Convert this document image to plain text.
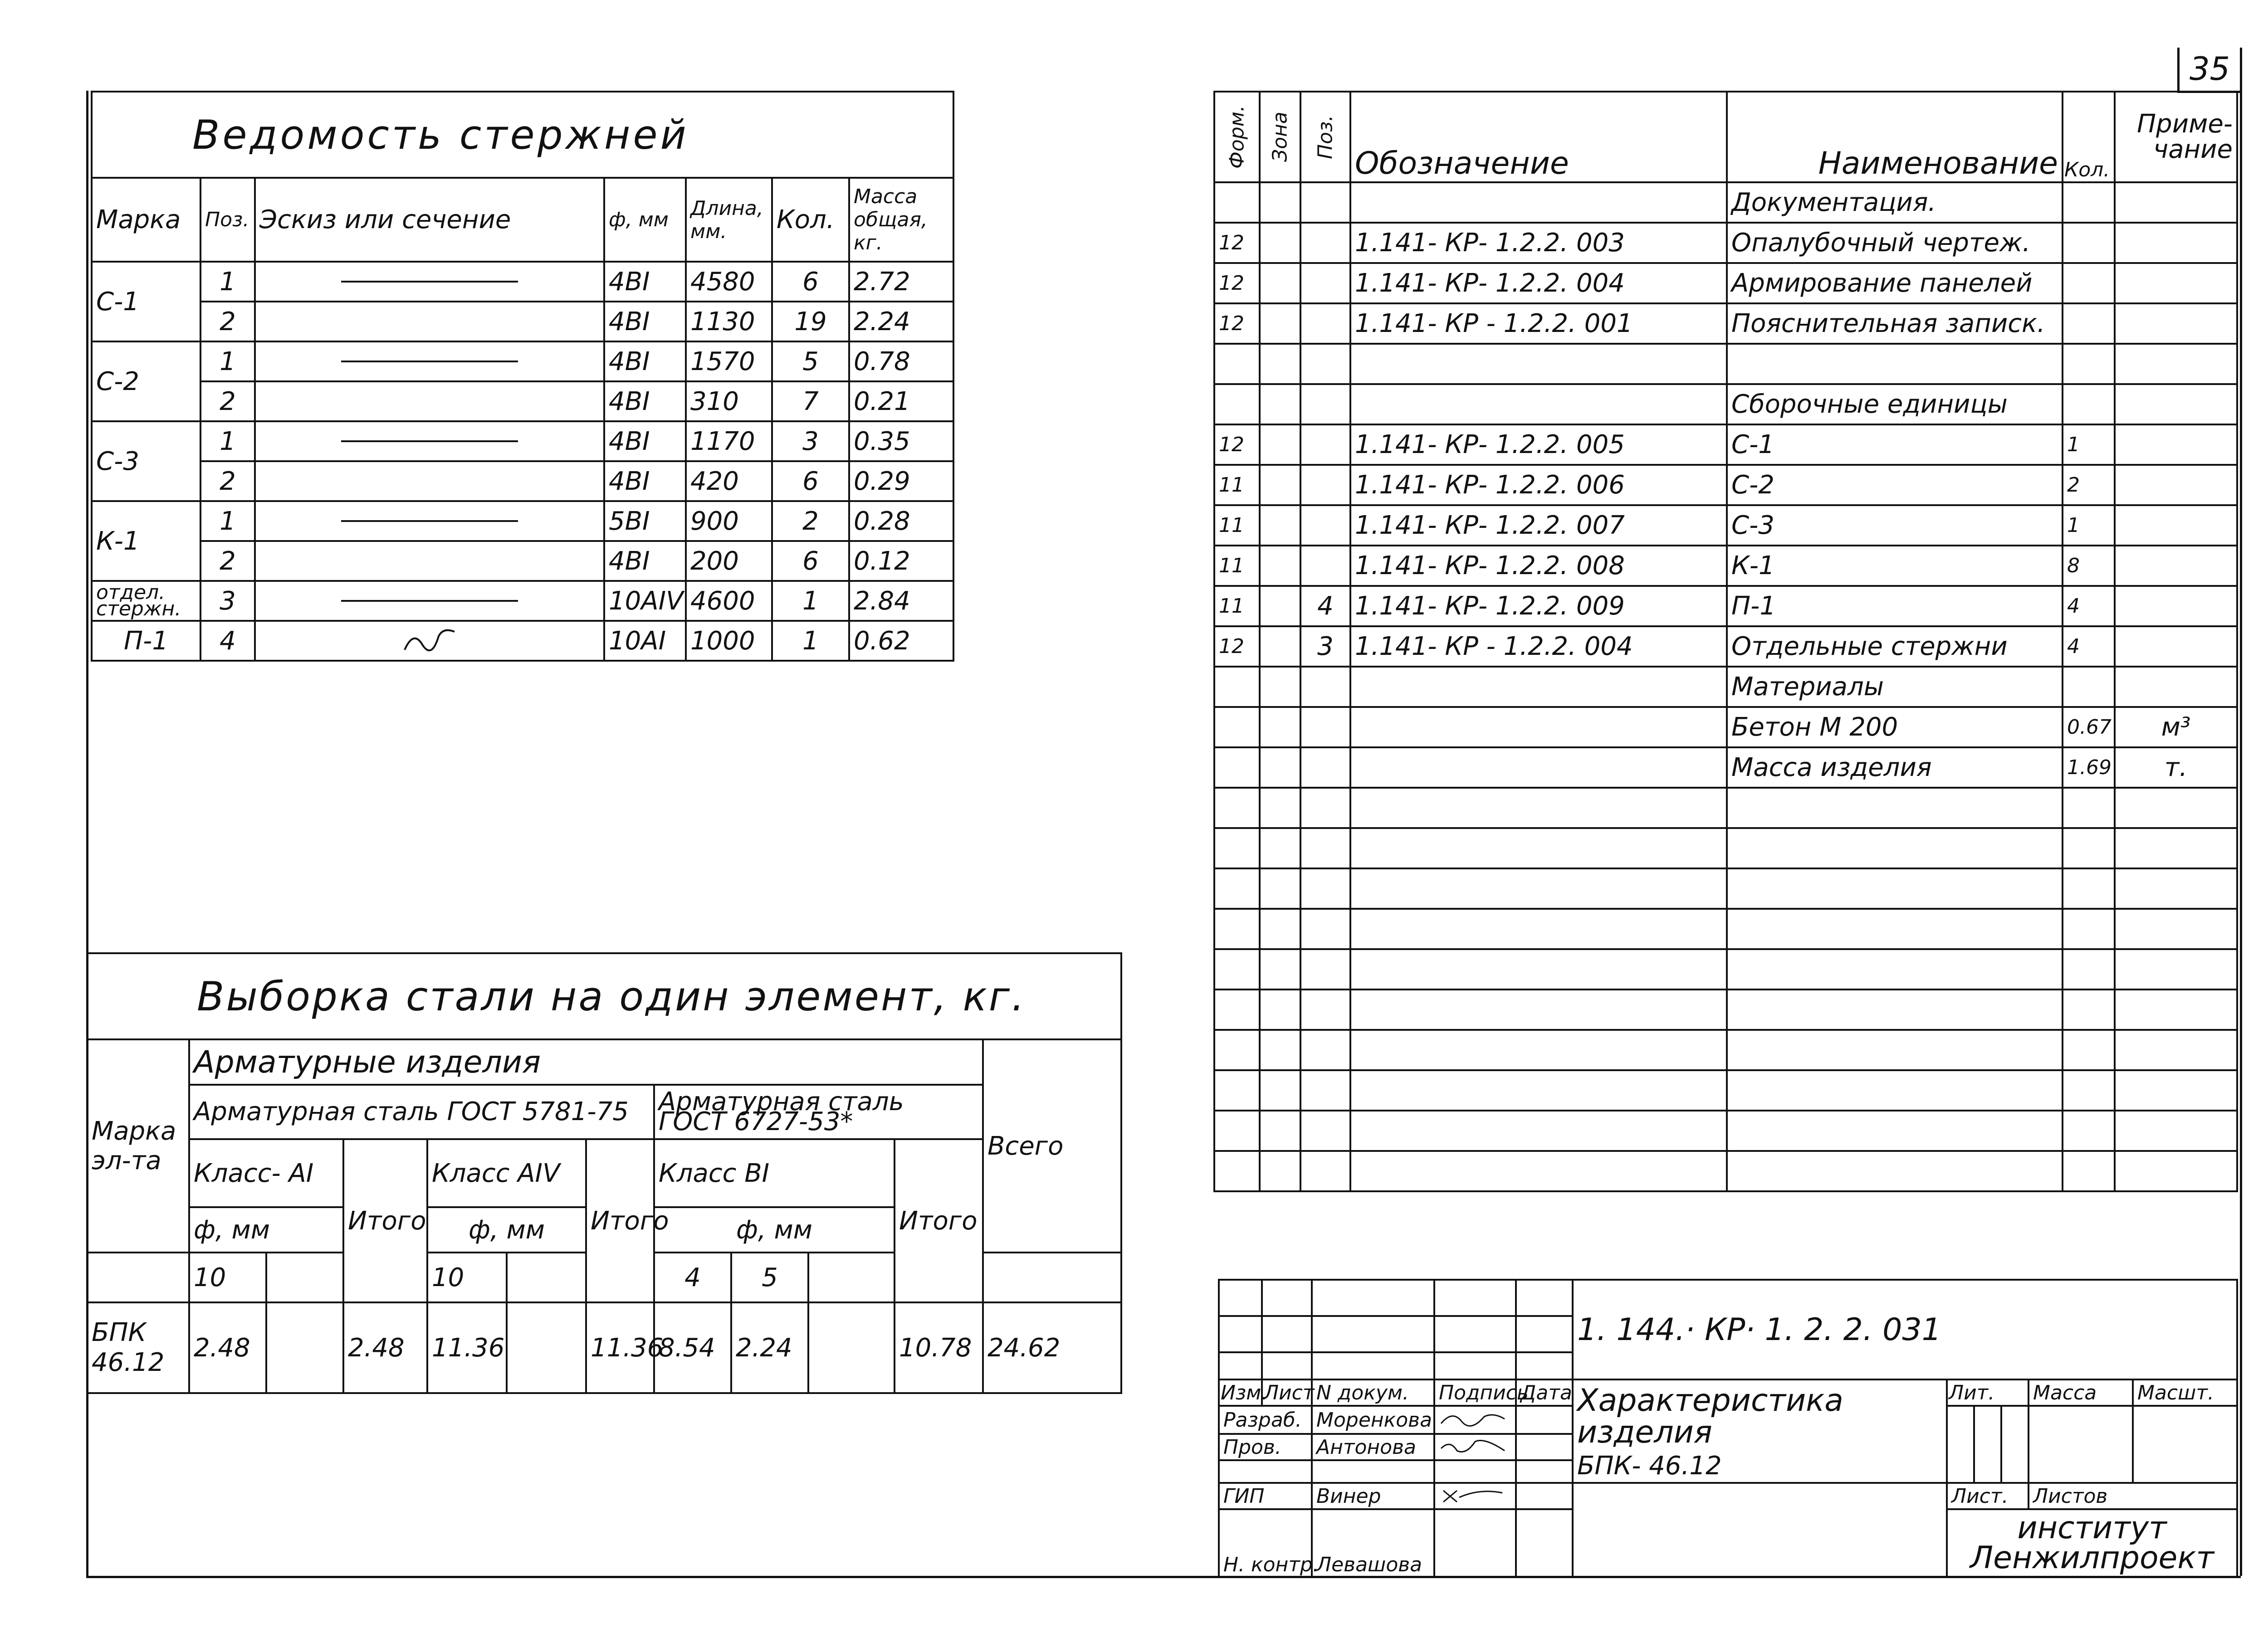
35
Ведомость стержней						
Марка	Поз.	Эскиз или сечение	ф, мм	Длина, мм.	Кол.	Масса общая, кг.
С-1	1		4ВI	4580	6	2.72
	2		4ВI	1130	19	2.24
С-2	1		4ВI	1570	5	0.78
	2		4ВI	310	7	0.21
С-3	1		4ВI	1170	3	0.35
	2		4ВI	420	6	0.29
К-1	1		5ВI	900	2	0.28
	2		4ВI	200	6	0.12
отдел. стержн.	3		10АIV	4600	1	2.84
П-1	4		10АI	1000	1	0.62
Выборка стали на один элемент, кг.											
Марка эл-та	Арматурные изделия										Всего
	Арматурная сталь ГОСТ 5781-75						Арматурная сталь ГОСТ 6727-53*				
	Класс- АI		Итого	Класс АIV		Итого	Класс ВI			Итого	
	ф, мм			ф, мм			ф, мм				
	10			10			4	5			
БПК 46.12	2.48		2.48	11.36		11.36	8.54	2.24		10.78	24.62
Форм.	Зона	Поз.	Обозначение	Наименование	Кол.	Приме- чание
				Документация.		
12			1.141- КР- 1.2.2. 003	Опалубочный чертеж.		
12			1.141- КР- 1.2.2. 004	Армирование панелей		
12			1.141- КР - 1.2.2. 001	Пояснительная записк.		

				Сборочные единицы		
12			1.141- КР- 1.2.2. 005	С-1	1	
11			1.141- КР- 1.2.2. 006	С-2	2	
11			1.141- КР- 1.2.2. 007	С-3	1	
11			1.141- КР- 1.2.2. 008	К-1	8	
11		4	1.141- КР- 1.2.2. 009	П-1	4	
12		3	1.141- КР - 1.2.2. 004	Отдельные стержни	4	
				Материалы		
				Бетон М 200	0.67	м³
				Масса изделия	1.69	т.

					1. 144.· КР· 1. 2. 2. 031					

Изм.	Лист	N докум.	Подпись	Дата	Характеристика изделия
БПК- 46.12	Лит.			Масса	Масшт.
Разраб.		Моренкова							
Пров.		Антонова		

ГИП		Винер				Лист.			Листов	
Н. контр.		Левашова				институт
Ленжилпроект				
